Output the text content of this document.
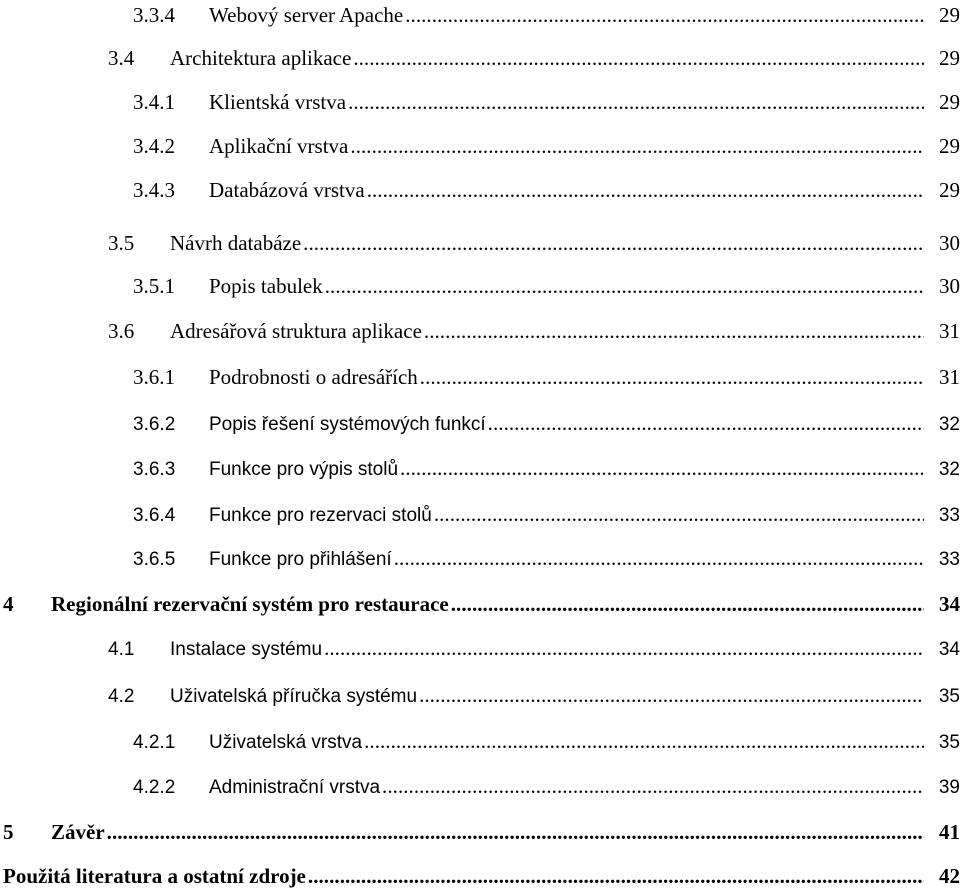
3.3.4	Webový server Apache . . .	29
3.4	Architektura aplikace . . .	29
3.4.1	Klientská vrstva . . .	29
3.4.2	Aplikační vrstva . . .	29
3.4.3	Databázová vrstva . . .	29
3.5	Návrh databáze . . .	30
3.5.1	Popis tabulek . . .	30
3.6	Adresářová struktura aplikace . . .	31
3.6.1	Podrobnosti o adresářích . . .	31
3.6.2	Popis řešení systémových funkcí . . .	32
3.6.3	Funkce pro výpis stolů . . .	32
3.6.4	Funkce pro rezervaci stolů . . .	33
3.6.5	Funkce pro přihlášení . . .	33
4	Regionální rezervační systém pro restaurace . . .	34
4.1	Instalace systému . . .	34
4.2	Uživatelská příručka systému . . .	35
4.2.1	Uživatelská vrstva . . .	35
4.2.2	Administrační vrstva . . .	39
5	Závěr . . .	41
Použitá literatura a ostatní zdroje . . .	42
